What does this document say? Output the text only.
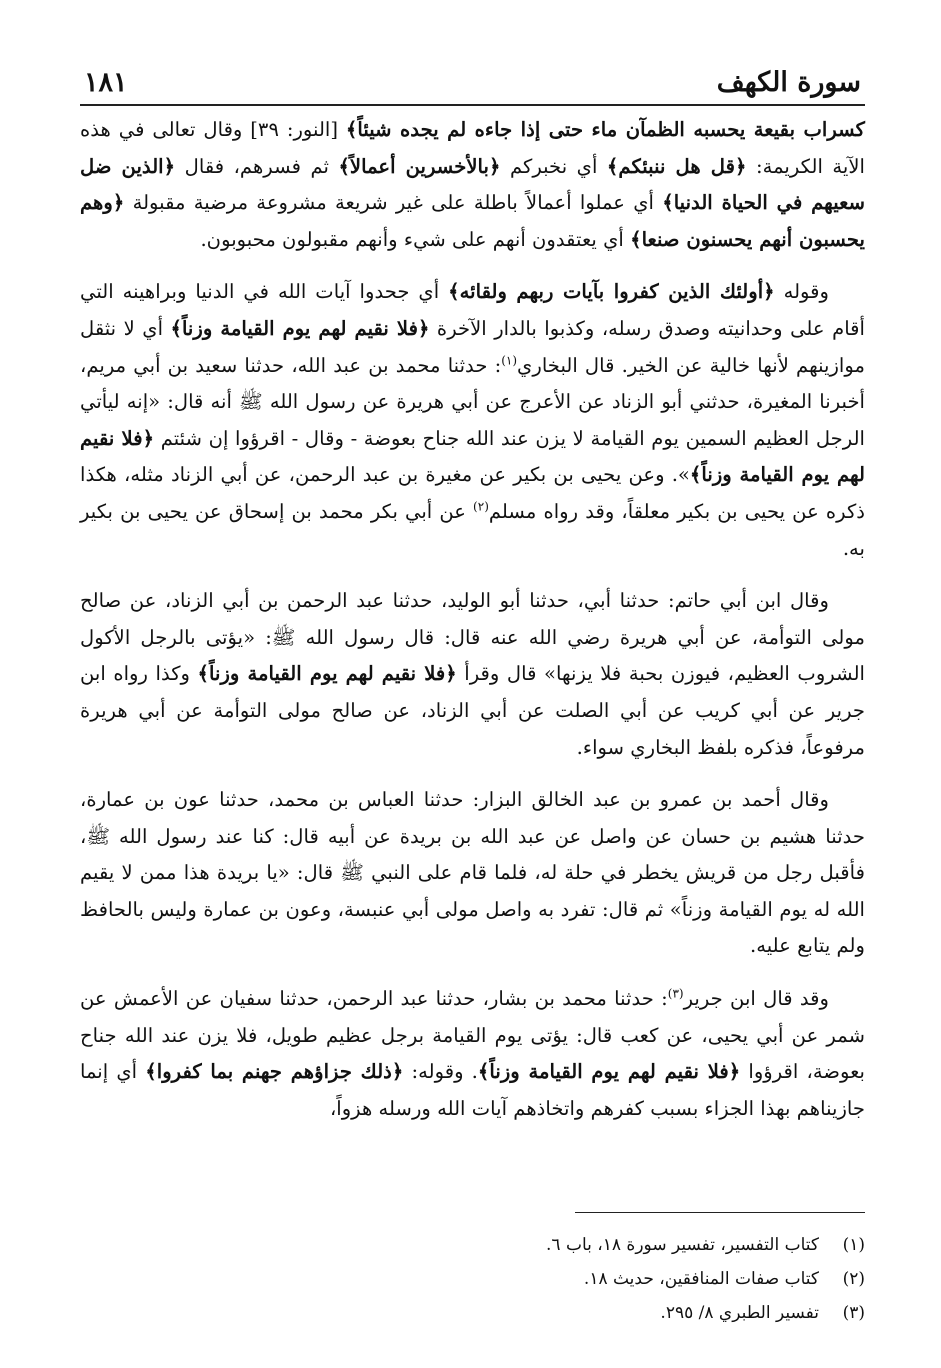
سورة الكهف
١٨١

كسراب بقيعة يحسبه الظمآن ماء حتى إذا جاءه لم يجده شيئاً﴾ [النور: ٣٩] وقال تعالى في هذه الآية الكريمة: ﴿قل هل ننبئكم﴾ أي نخبركم ﴿بالأخسرين أعمالاً﴾ ثم فسرهم، فقال ﴿الذين ضل سعيهم في الحياة الدنيا﴾ أي عملوا أعمالاً باطلة على غير شريعة مشروعة مرضية مقبولة ﴿وهم يحسبون أنهم يحسنون صنعا﴾ أي يعتقدون أنهم على شيء وأنهم مقبولون محبوبون.

وقوله ﴿أولئك الذين كفروا بآيات ربهم ولقائه﴾ أي جحدوا آيات الله في الدنيا وبراهينه التي أقام على وحدانيته وصدق رسله، وكذبوا بالدار الآخرة ﴿فلا نقيم لهم يوم القيامة وزناً﴾ أي لا نثقل موازينهم لأنها خالية عن الخير. قال البخاري$^{(١)}$: حدثنا محمد بن عبد الله، حدثنا سعيد بن أبي مريم، أخبرنا المغيرة، حدثني أبو الزناد عن الأعرج عن أبي هريرة عن رسول الله ﷺ أنه قال: «إنه ليأتي الرجل العظيم السمين يوم القيامة لا يزن عند الله جناح بعوضة - وقال - اقرؤوا إن شئتم ﴿فلا نقيم لهم يوم القيامة وزناً﴾». وعن يحيى بن بكير عن مغيرة بن عبد الرحمن، عن أبي الزناد مثله، هكذا ذكره عن يحيى بن بكير معلقاً، وقد رواه مسلم$^{(٢)}$ عن أبي بكر محمد بن إسحاق عن يحيى بن بكير به.

وقال ابن أبي حاتم: حدثنا أبي، حدثنا أبو الوليد، حدثنا عبد الرحمن بن أبي الزناد، عن صالح مولى التوأمة، عن أبي هريرة رضي الله عنه قال: قال رسول الله ﷺ: «يؤتى بالرجل الأكول الشروب العظيم، فيوزن بحبة فلا يزنها» قال وقرأ ﴿فلا نقيم لهم يوم القيامة وزناً﴾ وكذا رواه ابن جرير عن أبي كريب عن أبي الصلت عن أبي الزناد، عن صالح مولى التوأمة عن أبي هريرة مرفوعاً، فذكره بلفظ البخاري سواء.

وقال أحمد بن عمرو بن عبد الخالق البزار: حدثنا العباس بن محمد، حدثنا عون بن عمارة، حدثنا هشيم بن حسان عن واصل عن عبد الله بن بريدة عن أبيه قال: كنا عند رسول الله ﷺ، فأقبل رجل من قريش يخطر في حلة له، فلما قام على النبي ﷺ قال: «يا بريدة هذا ممن لا يقيم الله له يوم القيامة وزناً» ثم قال: تفرد به واصل مولى أبي عنبسة، وعون بن عمارة وليس بالحافظ ولم يتابع عليه.

وقد قال ابن جرير$^{(٣)}$: حدثنا محمد بن بشار، حدثنا عبد الرحمن، حدثنا سفيان عن الأعمش عن شمر عن أبي يحيى، عن كعب قال: يؤتى يوم القيامة برجل عظيم طويل، فلا يزن عند الله جناح بعوضة، اقرؤوا ﴿فلا نقيم لهم يوم القيامة وزناً﴾. وقوله: ﴿ذلك جزاؤهم جهنم بما كفروا﴾ أي إنما جازيناهم بهذا الجزاء بسبب كفرهم واتخاذهم آيات الله ورسله هزواً،

(١)كتاب التفسير، تفسير سورة ١٨، باب ٦.
(٢)كتاب صفات المنافقين، حديث ١٨.
(٣)تفسير الطبري ٨/ ٢٩٥.
